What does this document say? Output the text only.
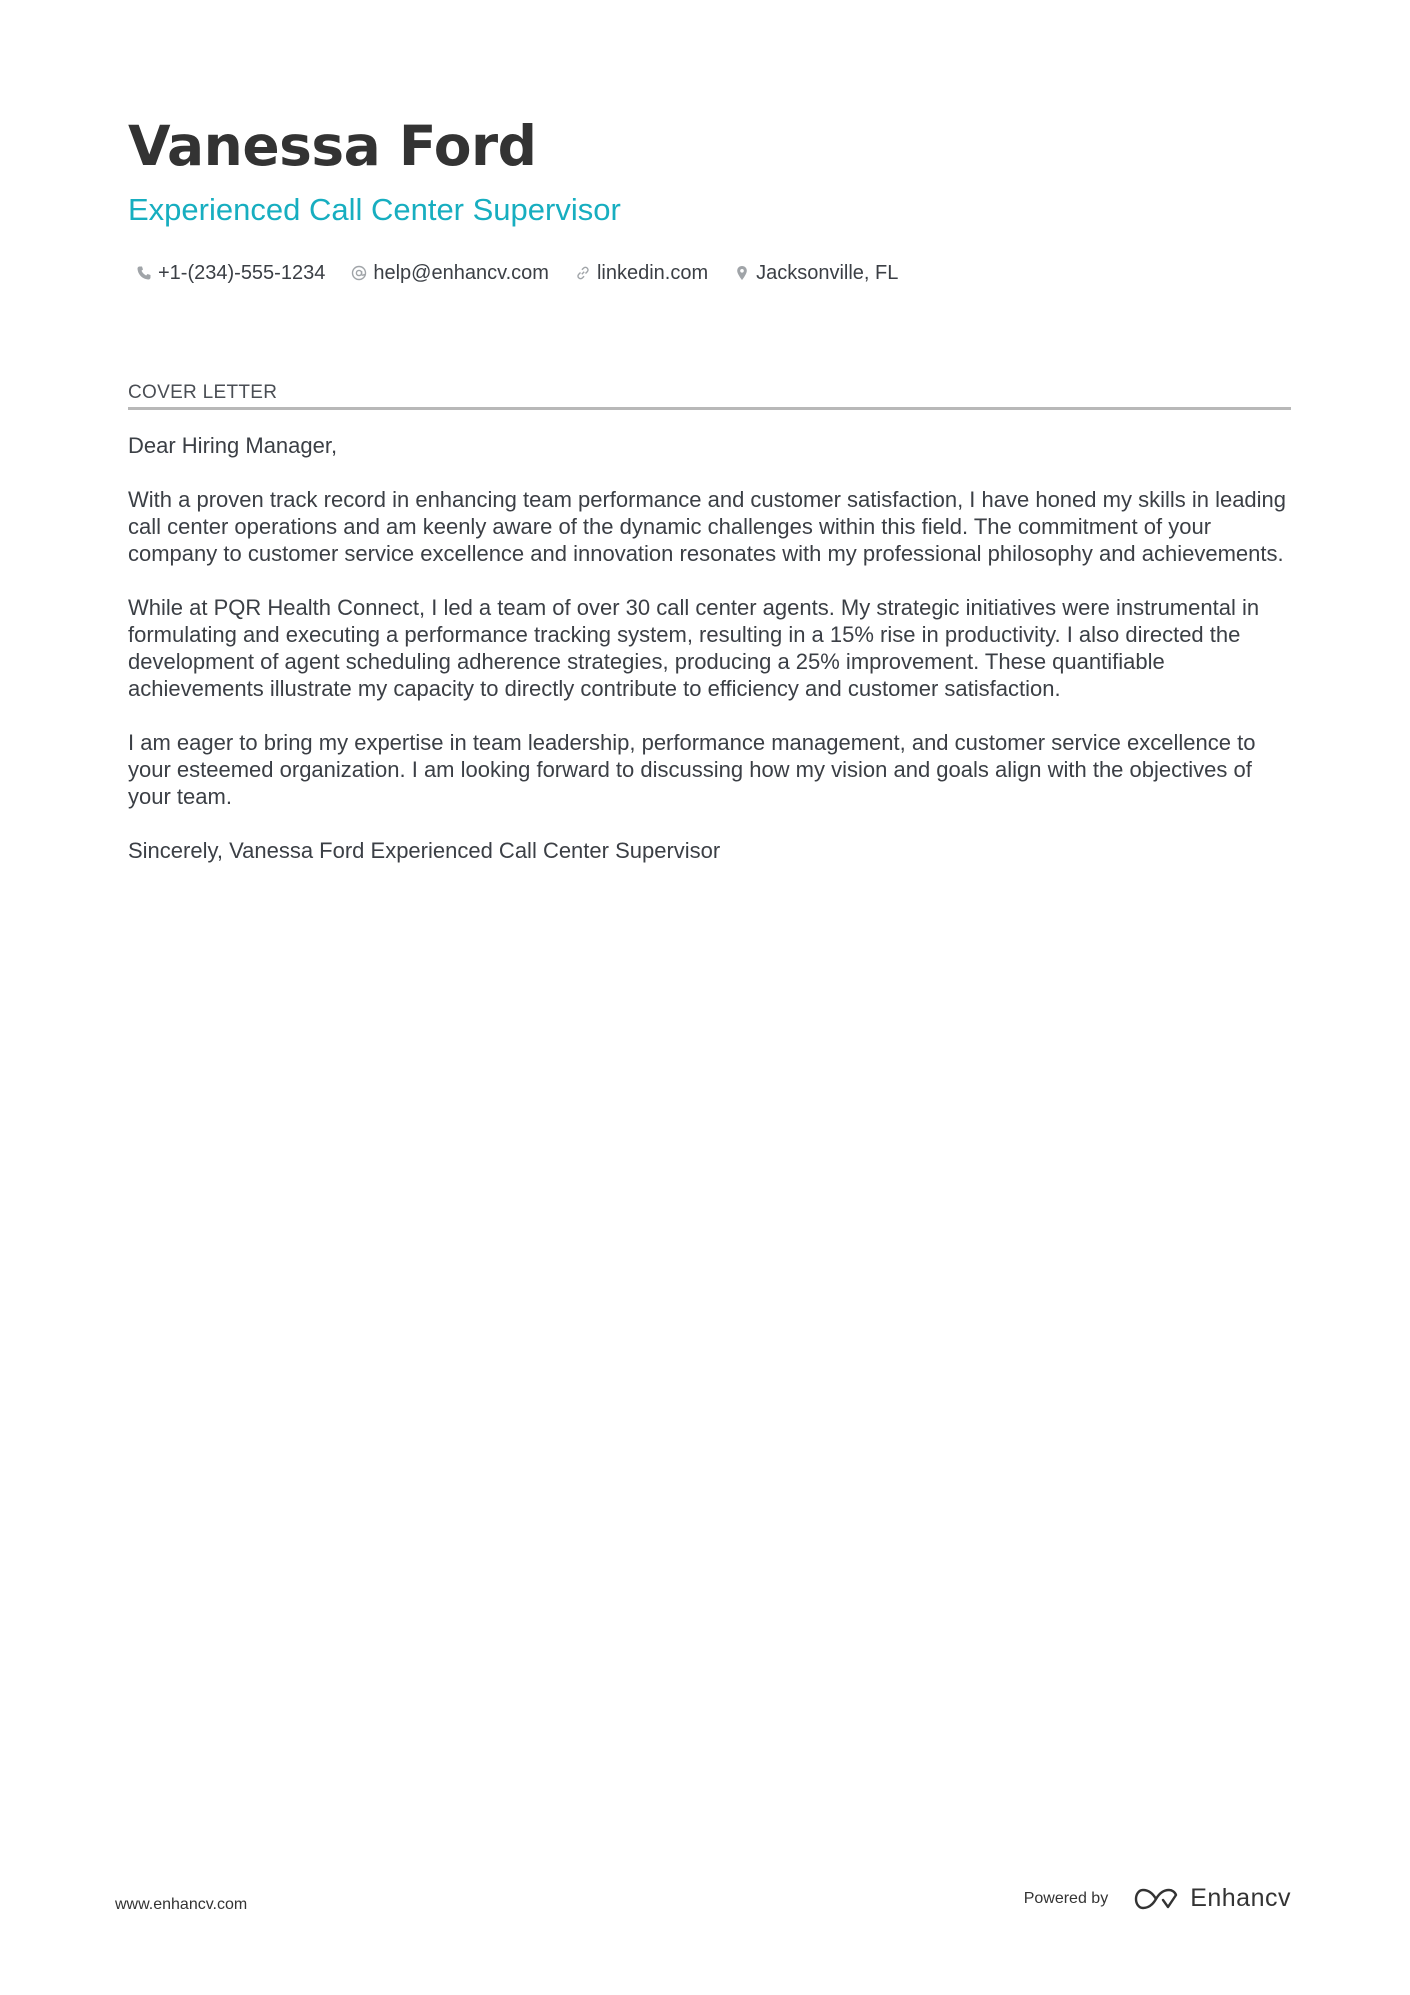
Vanessa Ford
Experienced Call Center Supervisor
+1-(234)-555-1234 help@enhancv.com linkedin.com Jacksonville, FL
COVER LETTER

Dear Hiring Manager,

With a proven track record in enhancing team performance and customer satisfaction, I have honed my skills in leading call center operations and am keenly aware of the dynamic challenges within this field. The commitment of your company to customer service excellence and innovation resonates with my professional philosophy and achievements.

While at PQR Health Connect, I led a team of over 30 call center agents. My strategic initiatives were instrumental in formulating and executing a performance tracking system, resulting in a 15% rise in productivity. I also directed the development of agent scheduling adherence strategies, producing a 25% improvement. These quantifiable achievements illustrate my capacity to directly contribute to efficiency and customer satisfaction.

I am eager to bring my expertise in team leadership, performance management, and customer service excellence to your esteemed organization. I am looking forward to discussing how my vision and goals align with the objectives of your team.

Sincerely, Vanessa Ford Experienced Call Center Supervisor

www.enhancv.com	Powered by	Enhancv
